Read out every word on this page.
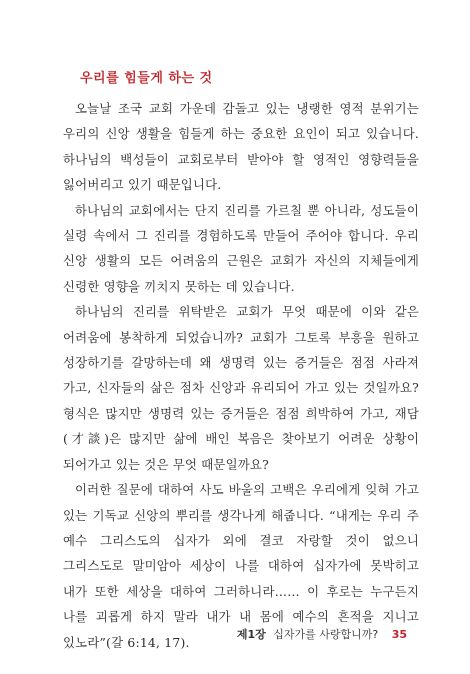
우리를 힘들게 하는 것

오늘날 조국 교회 가운데 감돌고 있는 냉랭한 영적 분위기는 우리의 신앙 생활을 힘들게 하는 중요한 요인이 되고 있습니다. 하나님의 백성들이 교회로부터 받아야 할 영적인 영향력들을 잃어버리고 있기 때문입니다.

하나님의 교회에서는 단지 진리를 가르칠 뿐 아니라, 성도들이 실령 속에서 그 진리를 경험하도록 만들어 주어야 합니다. 우리 신앙 생활의 모든 어려움의 근원은 교회가 자신의 지체들에게 신령한 영향을 끼치지 못하는 데 있습니다.

하나님의 진리를 위탁받은 교회가 무엇 때문에 이와 같은 어려움에 봉착하게 되었습니까? 교회가 그토록 부흥을 원하고 성장하기를 갈망하는데 왜 생명력 있는 증거들은 점점 사라져 가고, 신자들의 삶은 점차 신앙과 유리되어 가고 있는 것일까요? 형식은 많지만 생명력 있는 증거들은 점점 희박하여 가고, 재담(才談)은 많지만 삶에 배인 복음은 찾아보기 어려운 상황이 되어가고 있는 것은 무엇 때문일까요?

이러한 질문에 대하여 사도 바울의 고백은 우리에게 잊혀 가고 있는 기독교 신앙의 뿌리를 생각나게 해줍니다. “내게는 우리 주 예수 그리스도의 십자가 외에 결코 자랑할 것이 없으니 그리스도로 말미암아 세상이 나를 대하여 십자가에 못박히고 내가 또한 세상을 대하여 그러하니라…… 이 후로는 누구든지 나를 괴롭게 하지 말라 내가 내 몸에 예수의 흔적을 지니고 있노라”(갈 6:14, 17).

제1장 십자가를 사랑합니까? 35
